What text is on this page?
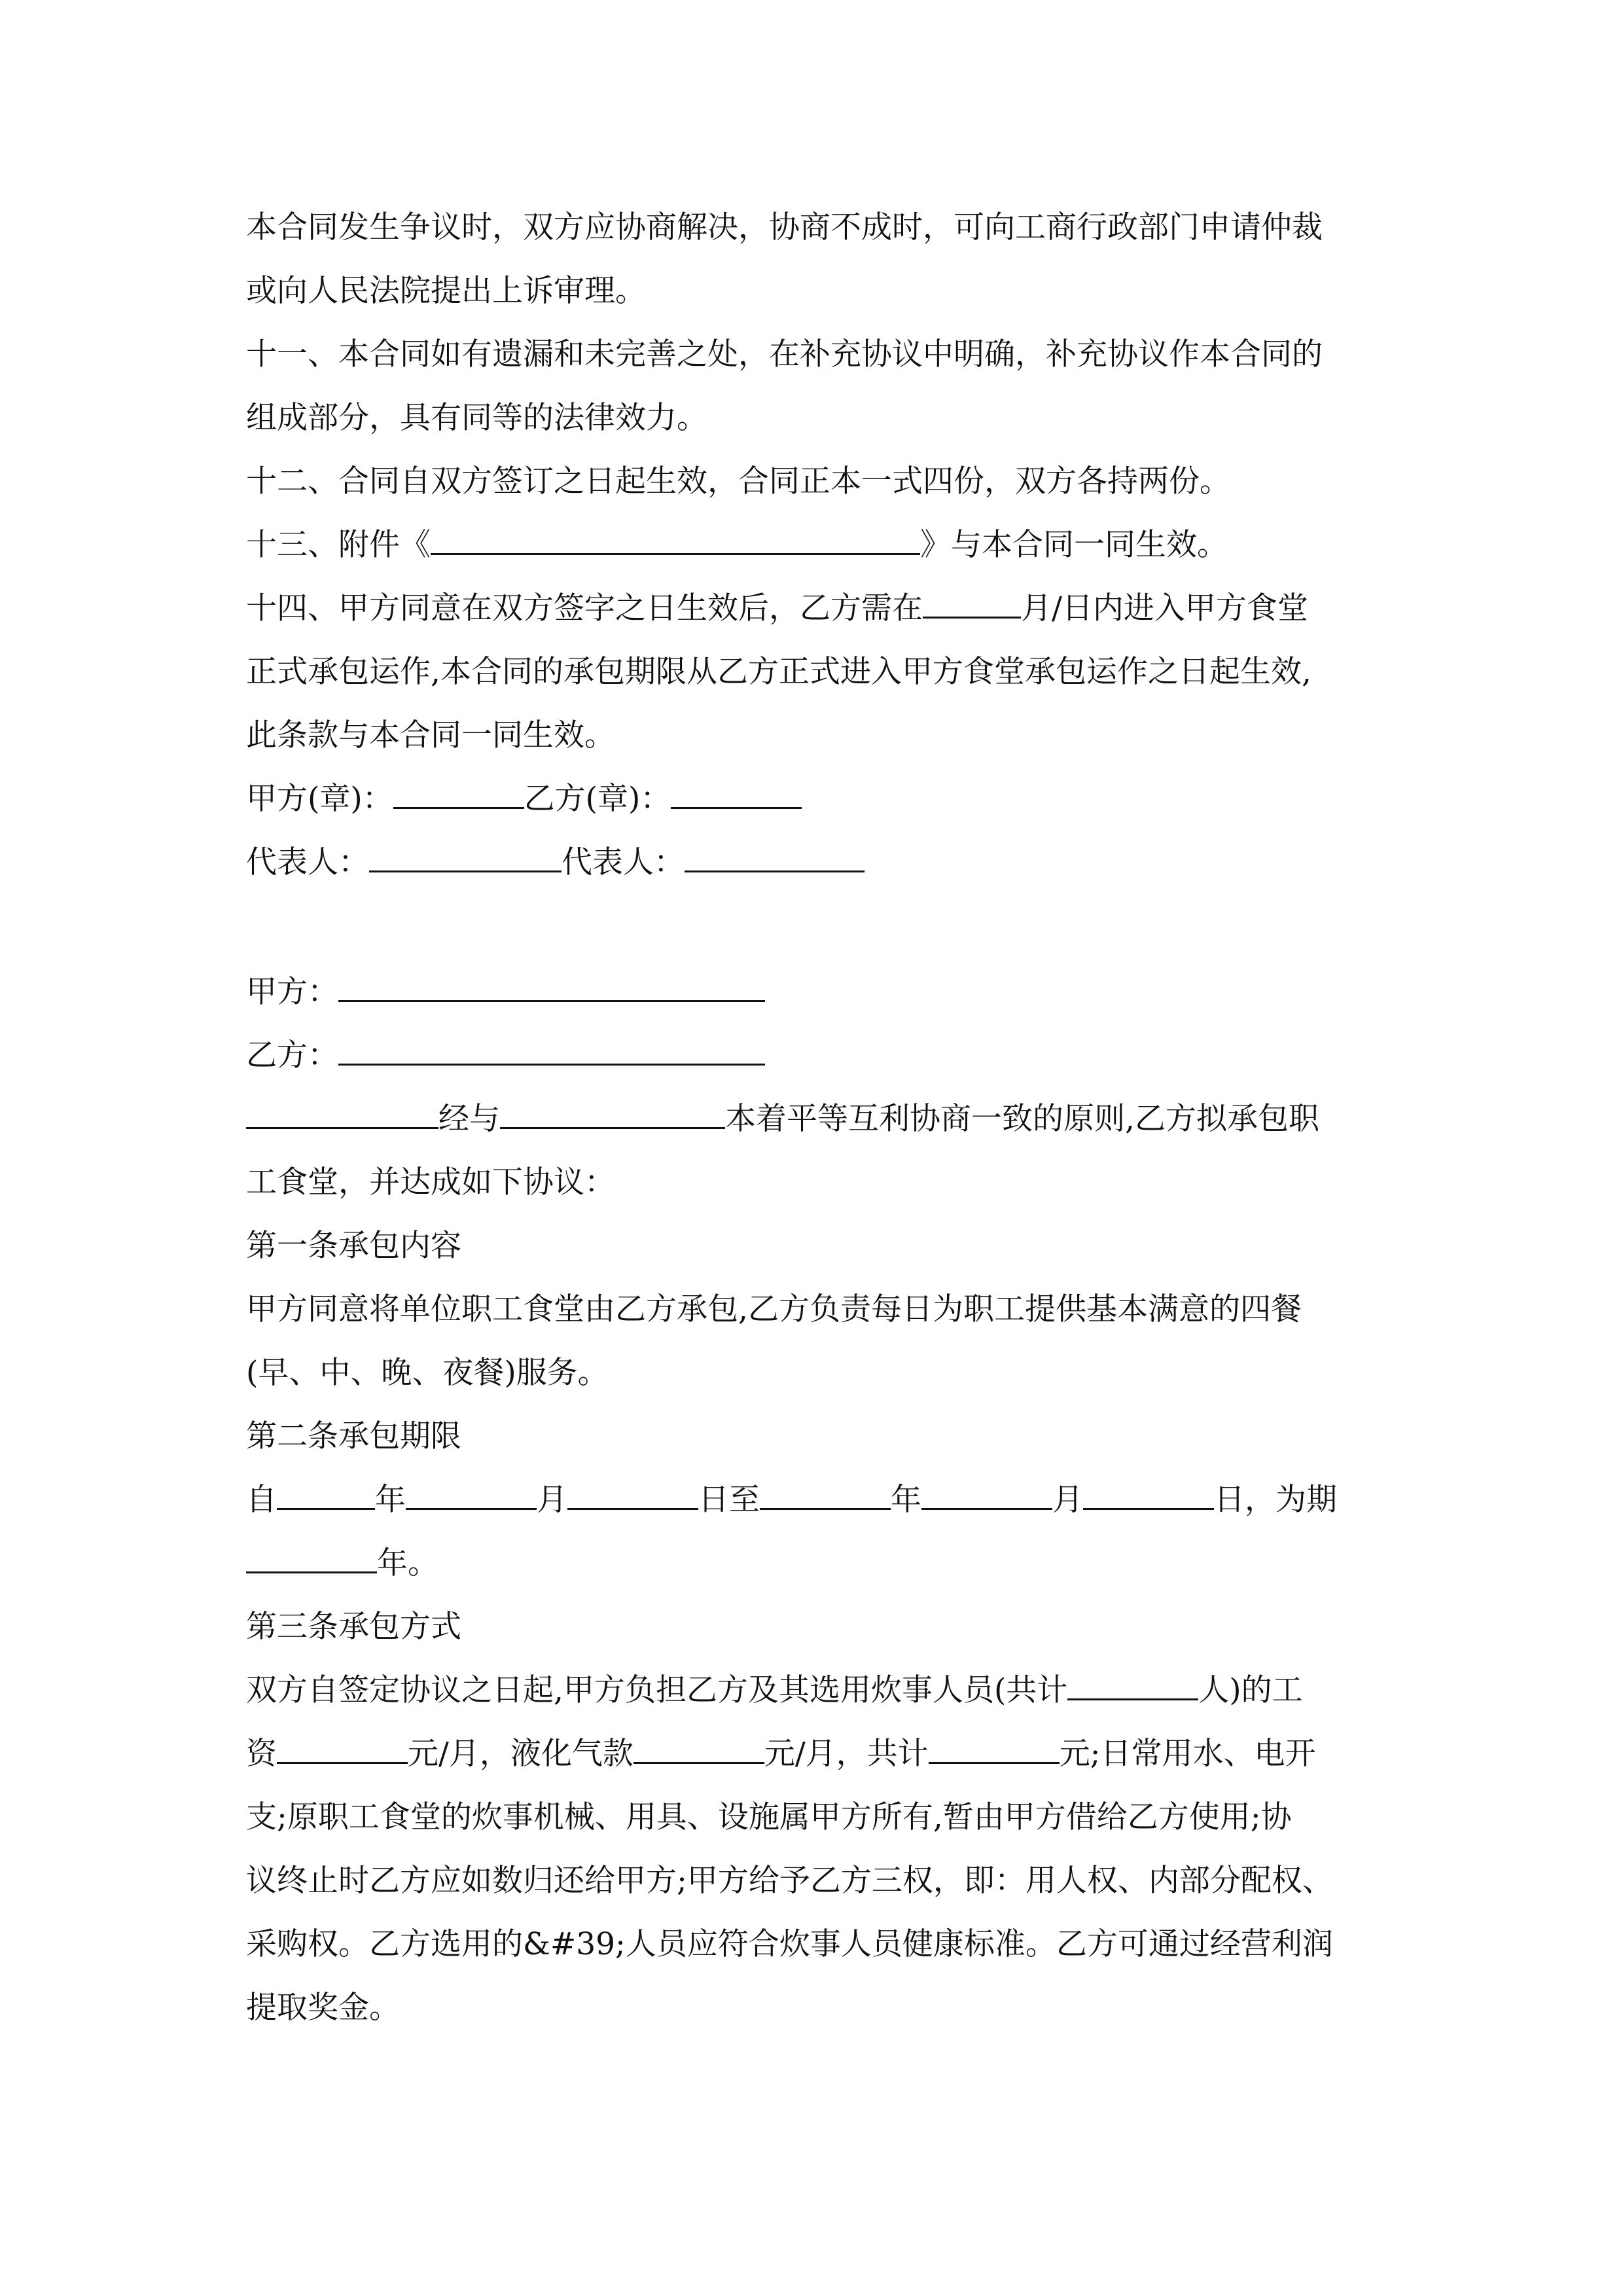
本合同发生争议时，双方应协商解决，协商不成时，可向工商行政部门申请仲裁
或向人民法院提出上诉审理。
十一、本合同如有遗漏和未完善之处，在补充协议中明确，补充协议作本合同的
组成部分，具有同等的法律效力。
十二、合同自双方签订之日起生效，合同正本一式四份，双方各持两份。
十三、附件《	》与本合同一同生效。
十四、甲方同意在双方签字之日生效后，乙方需在	月/日内进入甲方食堂
正式承包运作,本合同的承包期限从乙方正式进入甲方食堂承包运作之日起生效,
此条款与本合同一同生效。
甲方(章)：	乙方(章)：
代表人：	代表人：
甲方：
乙方：
经与	本着平等互利协商一致的原则,乙方拟承包职
工食堂，并达成如下协议：
第一条承包内容
甲方同意将单位职工食堂由乙方承包,乙方负责每日为职工提供基本满意的四餐
(早、中、晚、夜餐)服务。
第二条承包期限
自	年	月	日至	年	月	日，为期
年。
第三条承包方式
双方自签定协议之日起,甲方负担乙方及其选用炊事人员(共计	人)的工
资	元/月，液化气款	元/月，共计	元;日常用水、电开
支;原职工食堂的炊事机械、用具、设施属甲方所有,暂由甲方借给乙方使用;协
议终止时乙方应如数归还给甲方;甲方给予乙方三权，即：用人权、内部分配权、
采购权。乙方选用的&#39;人员应符合炊事人员健康标准。乙方可通过经营利润
提取奖金。
